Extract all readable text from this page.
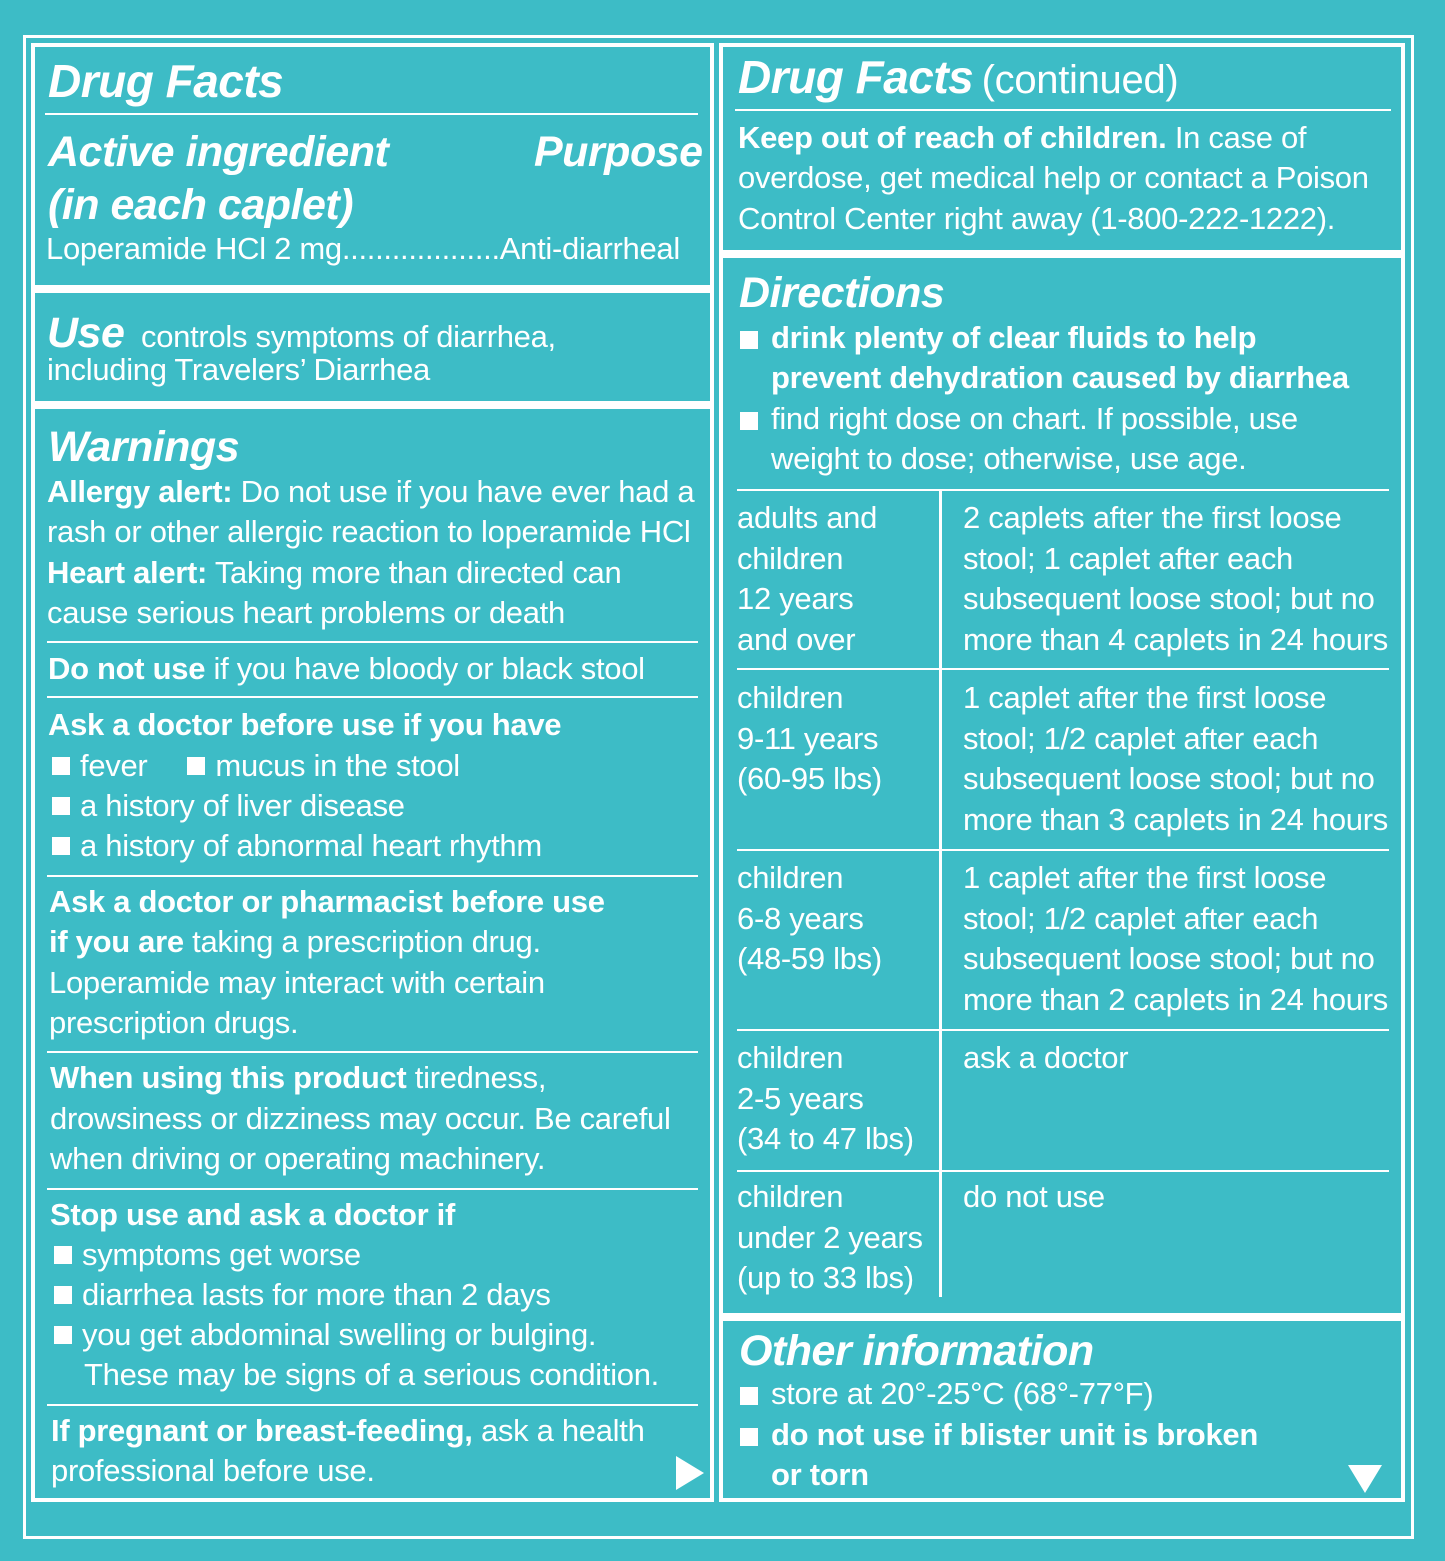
Drug Facts
Active ingredient
(in each caplet)
Purpose
Loperamide HCl 2 mg...................Anti-diarrheal
Use controls symptoms of diarrhea,
including Travelers’ Diarrhea
Warnings
Allergy alert: Do not use if you have ever had a
rash or other allergic reaction to loperamide HCl
Heart alert: Taking more than directed can
cause serious heart problems or death
Do not use if you have bloody or black stool
Ask a doctor before use if you have
fever mucus in the stool
a history of liver disease
a history of abnormal heart rhythm
Ask a doctor or pharmacist before use
if you are taking a prescription drug.
Loperamide may interact with certain
prescription drugs.
When using this product tiredness,
drowsiness or dizziness may occur. Be careful
when driving or operating machinery.
Stop use and ask a doctor if
symptoms get worse
diarrhea lasts for more than 2 days
you get abdominal swelling or bulging.
These may be signs of a serious condition.
If pregnant or breast-feeding, ask a health
professional before use.
Drug Facts (continued)
Keep out of reach of children. In case of
overdose, get medical help or contact a Poison
Control Center right away (1-800-222-1222).
Directions
drink plenty of clear fluids to help
prevent dehydration caused by diarrhea
find right dose on chart. If possible, use
weight to dose; otherwise, use age.
adults and
children
12 years
and over
2 caplets after the first loose
stool; 1 caplet after each
subsequent loose stool; but no
more than 4 caplets in 24 hours
children
9-11 years
(60-95 lbs)
1 caplet after the first loose
stool; 1/2 caplet after each
subsequent loose stool; but no
more than 3 caplets in 24 hours
children
6-8 years
(48-59 lbs)
1 caplet after the first loose
stool; 1/2 caplet after each
subsequent loose stool; but no
more than 2 caplets in 24 hours
children
2-5 years
(34 to 47 lbs)
ask a doctor
children
under 2 years
(up to 33 lbs)
do not use
Other information
store at 20°-25°C (68°-77°F)
do not use if blister unit is broken
or torn
